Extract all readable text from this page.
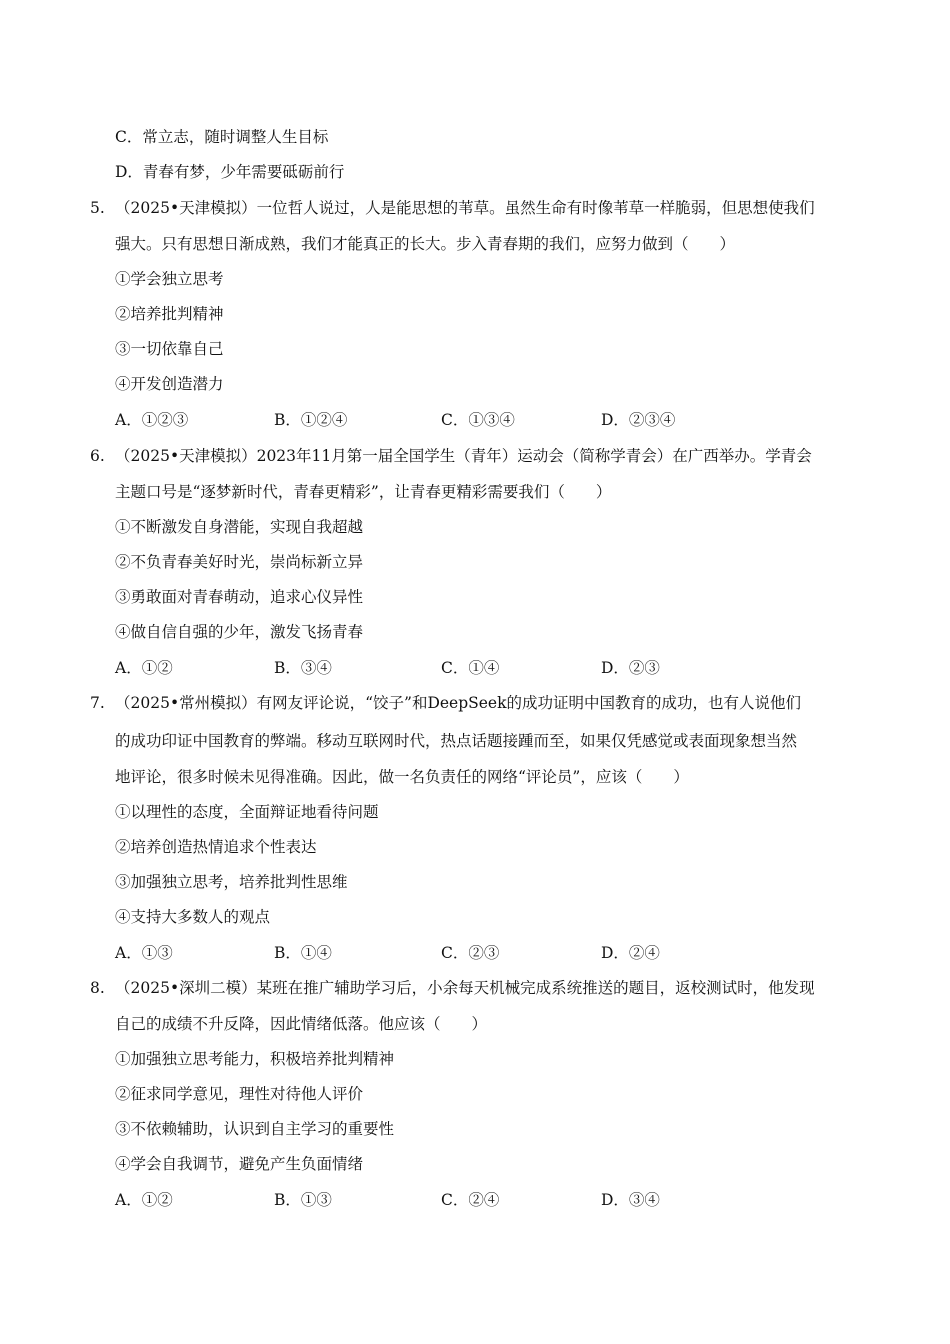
C．常立志，随时调整人生目标
D．青春有梦，少年需要砥砺前行
5. （2025•天津模拟）一位哲人说过，人是能思想的苇草。虽然生命有时像苇草一样脆弱，但思想使我们
强大。只有思想日渐成熟，我们才能真正的长大。步入青春期的我们，应努力做到（　　）
①学会独立思考
②培养批判精神
③一切依靠自己
④开发创造潜力
A．①②③	B．①②④	C．①③④	D．②③④
6. （2025•天津模拟）2023年11月第一届全国学生（青年）运动会（简称学青会）在广西举办。学青会
主题口号是“逐梦新时代，青春更精彩”，让青春更精彩需要我们（　　）
①不断激发自身潜能，实现自我超越
②不负青春美好时光，崇尚标新立异
③勇敢面对青春萌动，追求心仪异性
④做自信自强的少年，激发飞扬青春
A．①②	B．③④	C．①④	D．②③
7. （2025•常州模拟）有网友评论说，“饺子”和DeepSeek的成功证明中国教育的成功，也有人说他们
的成功印证中国教育的弊端。移动互联网时代，热点话题接踵而至，如果仅凭感觉或表面现象想当然
地评论，很多时候未见得准确。因此，做一名负责任的网络“评论员”，应该（　　）
①以理性的态度，全面辩证地看待问题
②培养创造热情追求个性表达
③加强独立思考，培养批判性思维
④支持大多数人的观点
A．①③	B．①④	C．②③	D．②④
8. （2025•深圳二模）某班在推广辅助学习后，小余每天机械完成系统推送的题目，返校测试时，他发现
自己的成绩不升反降，因此情绪低落。他应该（　　）
①加强独立思考能力，积极培养批判精神
②征求同学意见，理性对待他人评价
③不依赖辅助，认识到自主学习的重要性
④学会自我调节，避免产生负面情绪
A．①②	B．①③	C．②④	D．③④
